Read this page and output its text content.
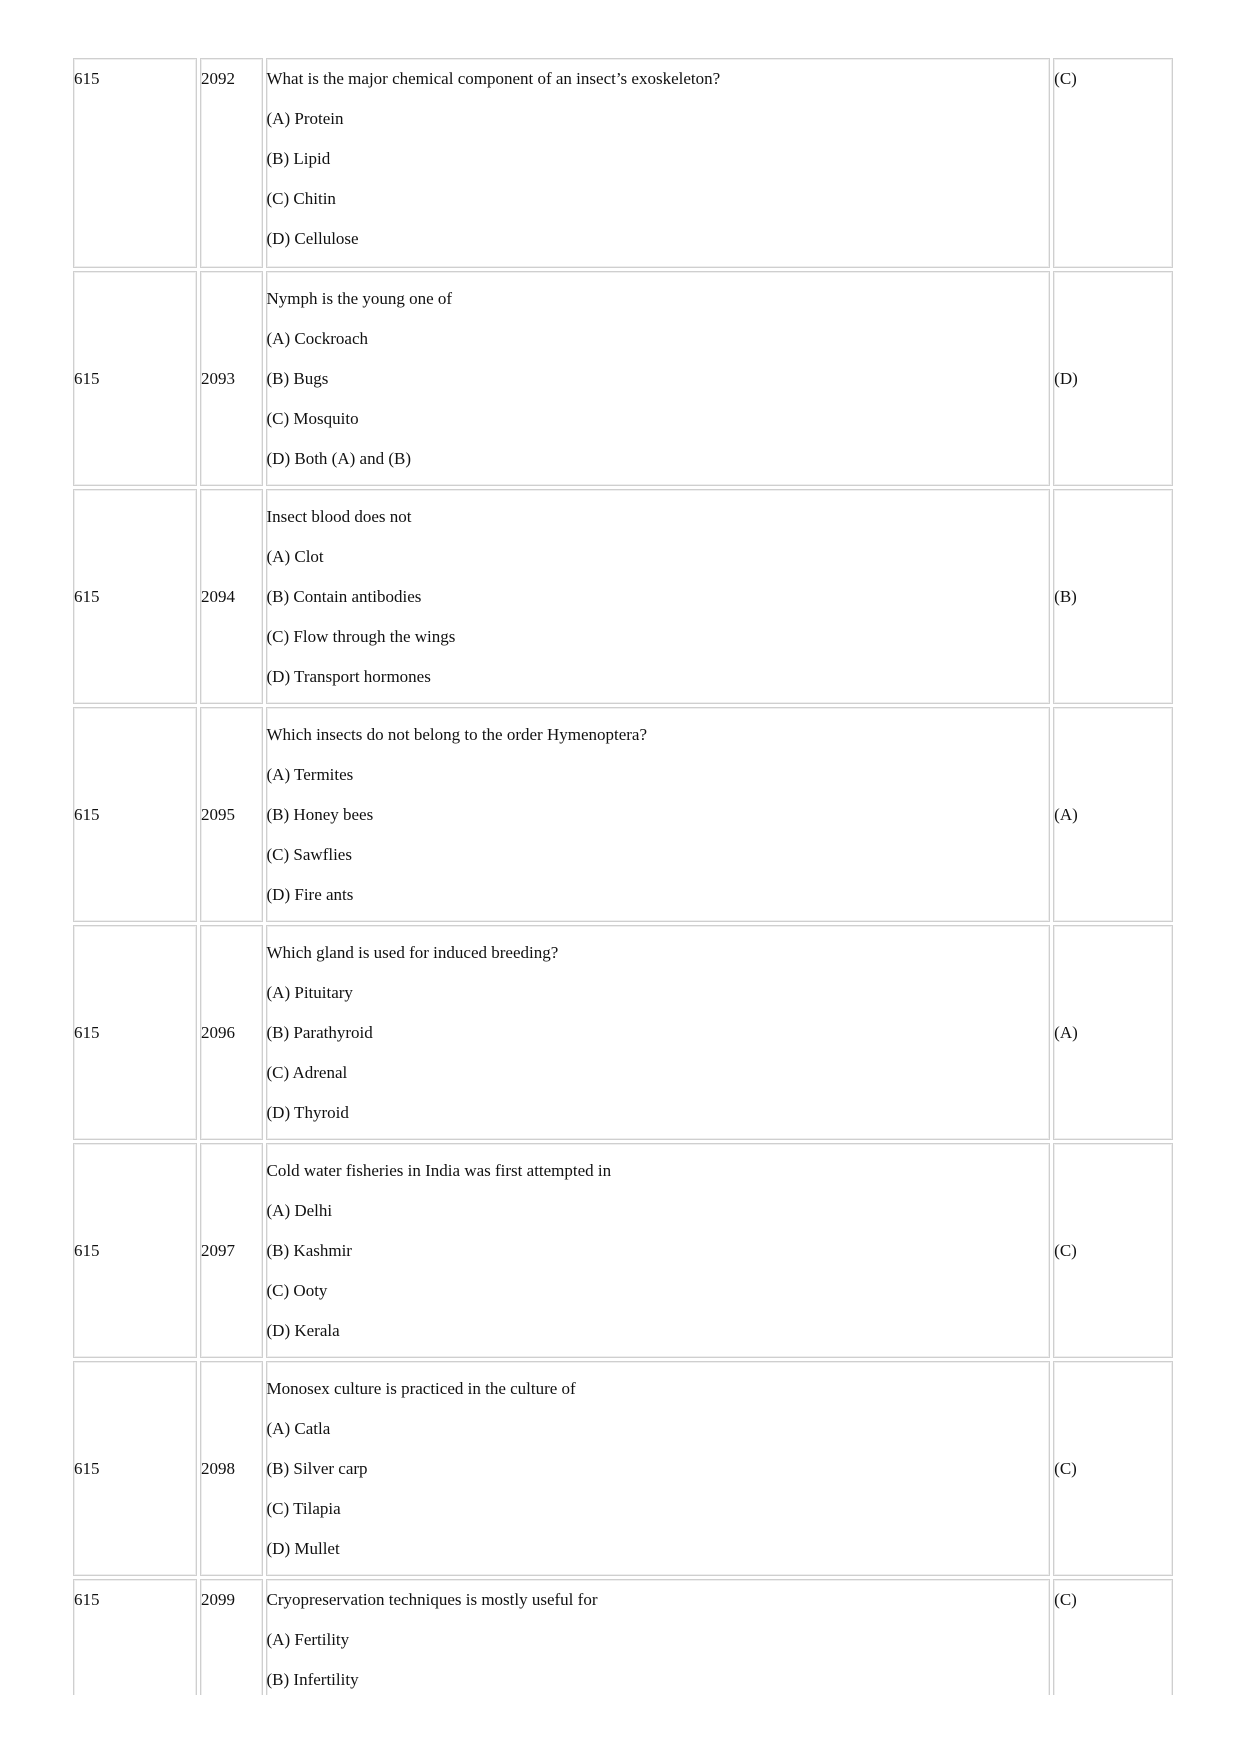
615	2092	What is the major chemical component of an insect’s exoskeleton?

(A) Protein

(B) Lipid

(C) Chitin

(D) Cellulose	(C)
615	2093	Nymph is the young one of

(A) Cockroach

(B) Bugs

(C) Mosquito

(D) Both (A) and (B)	(D)
615	2094	Insect blood does not

(A) Clot

(B) Contain antibodies

(C) Flow through the wings

(D) Transport hormones	(B)
615	2095	Which insects do not belong to the order Hymenoptera?

(A) Termites

(B) Honey bees

(C) Sawflies

(D) Fire ants	(A)
615	2096	Which gland is used for induced breeding?

(A) Pituitary

(B) Parathyroid

(C) Adrenal

(D) Thyroid	(A)
615	2097	Cold water fisheries in India was first attempted in

(A) Delhi

(B) Kashmir

(C) Ooty

(D) Kerala	(C)
615	2098	Monosex culture is practiced in the culture of

(A) Catla

(B) Silver carp

(C) Tilapia

(D) Mullet	(C)
615	2099	Cryopreservation techniques is mostly useful for

(A) Fertility

(B) Infertility	(C)
